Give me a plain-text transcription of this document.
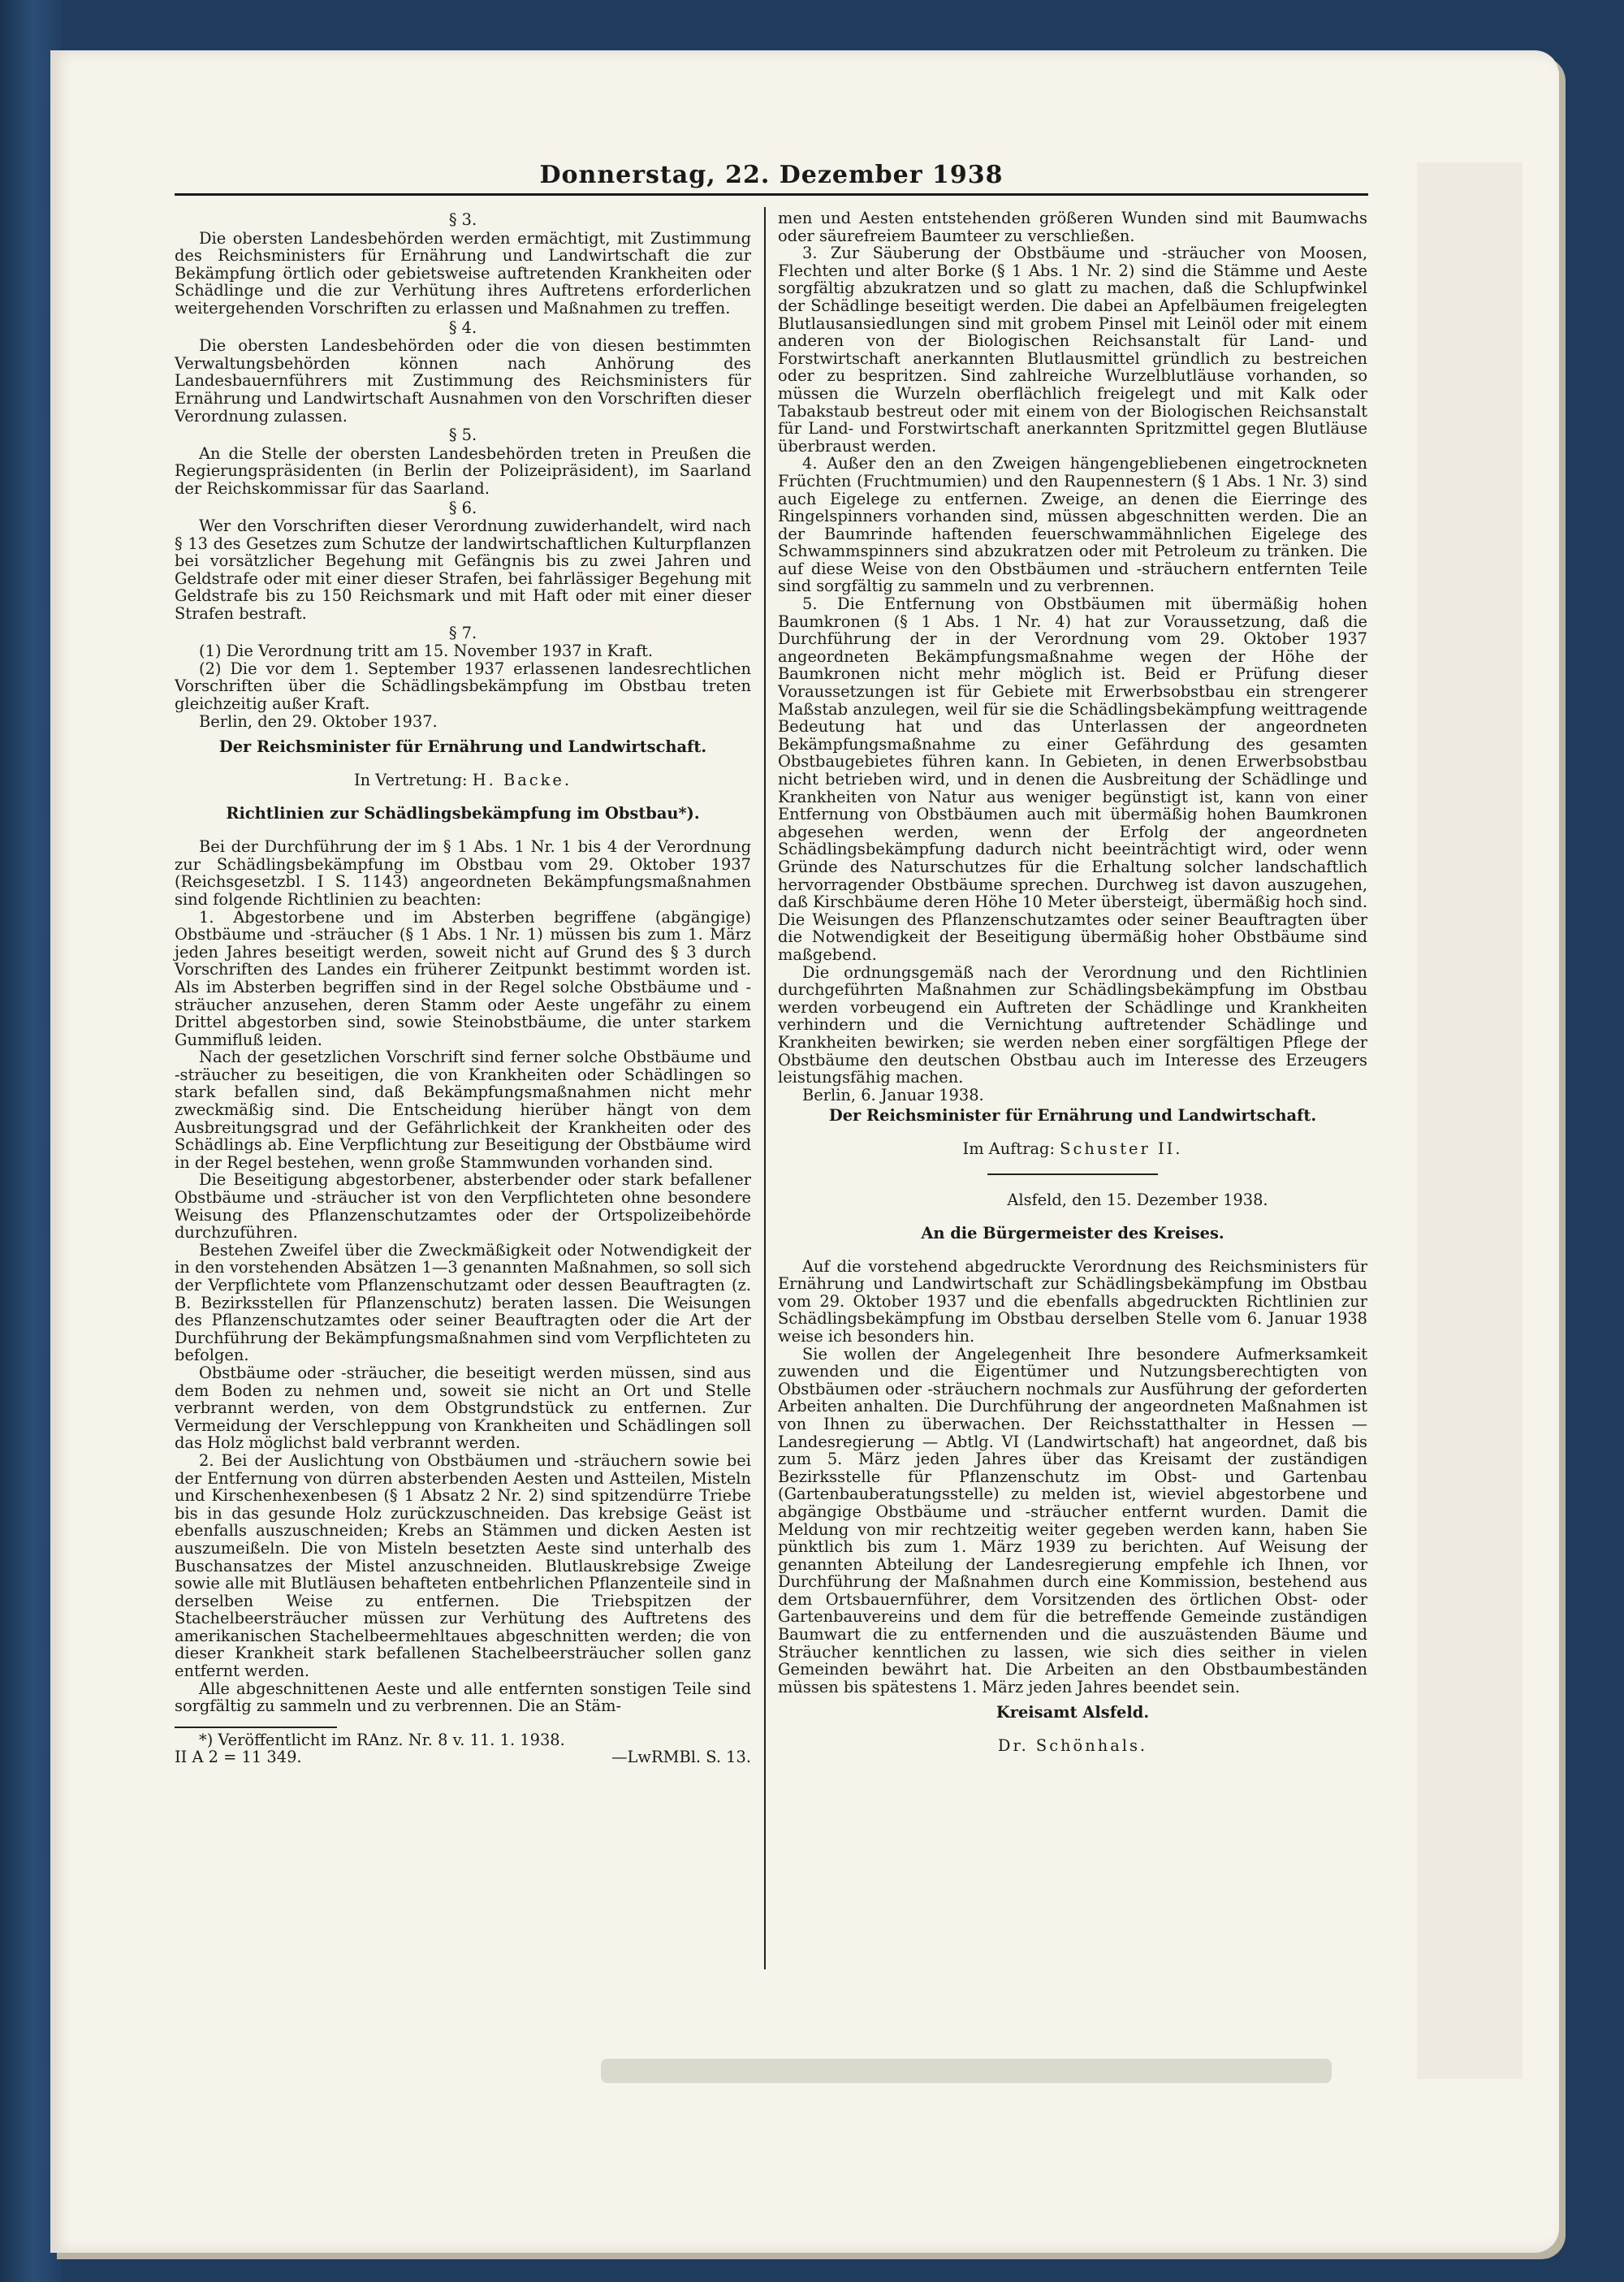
Donnerstag, 22. Dezember 1938

§ 3.

Die obersten Landesbehörden werden ermächtigt, mit Zustimmung des Reichsministers für Ernährung und Landwirtschaft die zur Bekämpfung örtlich oder gebietsweise auftretenden Krankheiten oder Schädlinge und die zur Verhütung ihres Auftretens erforderlichen weitergehenden Vorschriften zu erlassen und Maßnahmen zu treffen.

§ 4.

Die obersten Landesbehörden oder die von diesen bestimmten Verwaltungsbehörden können nach Anhörung des Landesbauernführers mit Zustimmung des Reichsministers für Ernährung und Landwirtschaft Ausnahmen von den Vorschriften dieser Verordnung zulassen.

§ 5.

An die Stelle der obersten Landesbehörden treten in Preußen die Regierungspräsidenten (in Berlin der Polizeipräsident), im Saarland der Reichskommissar für das Saarland.

§ 6.

Wer den Vorschriften dieser Verordnung zuwiderhandelt, wird nach § 13 des Gesetzes zum Schutze der landwirtschaftlichen Kulturpflanzen bei vorsätzlicher Begehung mit Gefängnis bis zu zwei Jahren und Geldstrafe oder mit einer dieser Strafen, bei fahrlässiger Begehung mit Geldstrafe bis zu 150 Reichsmark und mit Haft oder mit einer dieser Strafen bestraft.

§ 7.

(1) Die Verordnung tritt am 15. November 1937 in Kraft.

(2) Die vor dem 1. September 1937 erlassenen landesrechtlichen Vorschriften über die Schädlingsbekämpfung im Obstbau treten gleichzeitig außer Kraft.

Berlin, den 29. Oktober 1937.

Der Reichsminister für Ernährung und Landwirtschaft.

In Vertretung: H. Backe.

Richtlinien zur Schädlingsbekämpfung im Obstbau*).

Bei der Durchführung der im § 1 Abs. 1 Nr. 1 bis 4 der Verordnung zur Schädlingsbekämpfung im Obstbau vom 29. Oktober 1937 (Reichsgesetzbl. I S. 1143) angeordneten Bekämpfungsmaßnahmen sind folgende Richtlinien zu beachten:

1. Abgestorbene und im Absterben begriffene (abgängige) Obstbäume und -sträucher (§ 1 Abs. 1 Nr. 1) müssen bis zum 1. März jeden Jahres beseitigt werden, soweit nicht auf Grund des § 3 durch Vorschriften des Landes ein früherer Zeitpunkt bestimmt worden ist. Als im Absterben begriffen sind in der Regel solche Obstbäume und -sträucher anzusehen, deren Stamm oder Aeste ungefähr zu einem Drittel abgestorben sind, sowie Steinobstbäume, die unter starkem Gummifluß leiden.

Nach der gesetzlichen Vorschrift sind ferner solche Obstbäume und -sträucher zu beseitigen, die von Krankheiten oder Schädlingen so stark befallen sind, daß Bekämpfungsmaßnahmen nicht mehr zweckmäßig sind. Die Entscheidung hierüber hängt von dem Ausbreitungsgrad und der Gefährlichkeit der Krankheiten oder des Schädlings ab. Eine Verpflichtung zur Beseitigung der Obstbäume wird in der Regel bestehen, wenn große Stammwunden vorhanden sind.

Die Beseitigung abgestorbener, absterbender oder stark befallener Obstbäume und -sträucher ist von den Verpflichteten ohne besondere Weisung des Pflanzenschutzamtes oder der Ortspolizeibehörde durchzuführen.

Bestehen Zweifel über die Zweckmäßigkeit oder Notwendigkeit der in den vorstehenden Absätzen 1—3 genannten Maßnahmen, so soll sich der Verpflichtete vom Pflanzenschutzamt oder dessen Beauftragten (z. B. Bezirksstellen für Pflanzenschutz) beraten lassen. Die Weisungen des Pflanzenschutzamtes oder seiner Beauftragten oder die Art der Durchführung der Bekämpfungsmaßnahmen sind vom Verpflichteten zu befolgen.

Obstbäume oder -sträucher, die beseitigt werden müssen, sind aus dem Boden zu nehmen und, soweit sie nicht an Ort und Stelle verbrannt werden, von dem Obstgrundstück zu entfernen. Zur Vermeidung der Verschleppung von Krankheiten und Schädlingen soll das Holz möglichst bald verbrannt werden.

2. Bei der Auslichtung von Obstbäumen und -sträuchern sowie bei der Entfernung von dürren absterbenden Aesten und Astteilen, Misteln und Kirschenhexenbesen (§ 1 Absatz 2 Nr. 2) sind spitzendürre Triebe bis in das gesunde Holz zurückzuschneiden. Das krebsige Geäst ist ebenfalls auszuschneiden; Krebs an Stämmen und dicken Aesten ist auszumeißeln. Die von Misteln besetzten Aeste sind unterhalb des Buschansatzes der Mistel anzuschneiden. Blutlauskrebsige Zweige sowie alle mit Blutläusen behafteten entbehrlichen Pflanzenteile sind in derselben Weise zu entfernen. Die Triebspitzen der Stachelbeersträucher müssen zur Verhütung des Auftretens des amerikanischen Stachelbeermehltaues abgeschnitten werden; die von dieser Krankheit stark befallenen Stachelbeersträucher sollen ganz entfernt werden.

Alle abgeschnittenen Aeste und alle entfernten sonstigen Teile sind sorgfältig zu sammeln und zu verbrennen. Die an Stäm-

*) Veröffentlicht im RAnz. Nr. 8 v. 11. 1. 1938.

II A 2 = 11 349.	—LwRMBl. S. 13.

men und Aesten entstehenden größeren Wunden sind mit Baumwachs oder säurefreiem Baumteer zu verschließen.

3. Zur Säuberung der Obstbäume und -sträucher von Moosen, Flechten und alter Borke (§ 1 Abs. 1 Nr. 2) sind die Stämme und Aeste sorgfältig abzukratzen und so glatt zu machen, daß die Schlupfwinkel der Schädlinge beseitigt werden. Die dabei an Apfelbäumen freigelegten Blutlausansiedlungen sind mit grobem Pinsel mit Leinöl oder mit einem anderen von der Biologischen Reichsanstalt für Land- und Forstwirtschaft anerkannten Blutlausmittel gründlich zu bestreichen oder zu bespritzen. Sind zahlreiche Wurzelblutläuse vorhanden, so müssen die Wurzeln oberflächlich freigelegt und mit Kalk oder Tabakstaub bestreut oder mit einem von der Biologischen Reichsanstalt für Land- und Forstwirtschaft anerkannten Spritzmittel gegen Blutläuse überbraust werden.

4. Außer den an den Zweigen hängengebliebenen eingetrockneten Früchten (Fruchtmumien) und den Raupennestern (§ 1 Abs. 1 Nr. 3) sind auch Eigelege zu entfernen. Zweige, an denen die Eierringe des Ringelspinners vorhanden sind, müssen abgeschnitten werden. Die an der Baumrinde haftenden feuerschwammähnlichen Eigelege des Schwammspinners sind abzukratzen oder mit Petroleum zu tränken. Die auf diese Weise von den Obstbäumen und -sträuchern entfernten Teile sind sorgfältig zu sammeln und zu verbrennen.

5. Die Entfernung von Obstbäumen mit übermäßig hohen Baumkronen (§ 1 Abs. 1 Nr. 4) hat zur Voraussetzung, daß die Durchführung der in der Verordnung vom 29. Oktober 1937 angeordneten Bekämpfungsmaßnahme wegen der Höhe der Baumkronen nicht mehr möglich ist. Beid er Prüfung dieser Voraussetzungen ist für Gebiete mit Erwerbsobstbau ein strengerer Maßstab anzulegen, weil für sie die Schädlingsbekämpfung weittragende Bedeutung hat und das Unterlassen der angeordneten Bekämpfungsmaßnahme zu einer Gefährdung des gesamten Obstbaugebietes führen kann. In Gebieten, in denen Erwerbsobstbau nicht betrieben wird, und in denen die Ausbreitung der Schädlinge und Krankheiten von Natur aus weniger begünstigt ist, kann von einer Entfernung von Obstbäumen auch mit übermäßig hohen Baumkronen abgesehen werden, wenn der Erfolg der angeordneten Schädlingsbekämpfung dadurch nicht beeinträchtigt wird, oder wenn Gründe des Naturschutzes für die Erhaltung solcher landschaftlich hervorragender Obstbäume sprechen. Durchweg ist davon auszugehen, daß Kirschbäume deren Höhe 10 Meter übersteigt, übermäßig hoch sind. Die Weisungen des Pflanzenschutzamtes oder seiner Beauftragten über die Notwendigkeit der Beseitigung übermäßig hoher Obstbäume sind maßgebend.

Die ordnungsgemäß nach der Verordnung und den Richtlinien durchgeführten Maßnahmen zur Schädlingsbekämpfung im Obstbau werden vorbeugend ein Auftreten der Schädlinge und Krankheiten verhindern und die Vernichtung auftretender Schädlinge und Krankheiten bewirken; sie werden neben einer sorgfältigen Pflege der Obstbäume den deutschen Obstbau auch im Interesse des Erzeugers leistungsfähig machen.

Berlin, 6. Januar 1938.

Der Reichsminister für Ernährung und Landwirtschaft.

Im Auftrag: Schuster II.

Alsfeld, den 15. Dezember 1938.

An die Bürgermeister des Kreises.

Auf die vorstehend abgedruckte Verordnung des Reichsministers für Ernährung und Landwirtschaft zur Schädlingsbekämpfung im Obstbau vom 29. Oktober 1937 und die ebenfalls abgedruckten Richtlinien zur Schädlingsbekämpfung im Obstbau derselben Stelle vom 6. Januar 1938 weise ich besonders hin.

Sie wollen der Angelegenheit Ihre besondere Aufmerksamkeit zuwenden und die Eigentümer und Nutzungsberechtigten von Obstbäumen oder -sträuchern nochmals zur Ausführung der geforderten Arbeiten anhalten. Die Durchführung der angeordneten Maßnahmen ist von Ihnen zu überwachen. Der Reichsstatthalter in Hessen — Landesregierung — Abtlg. VI (Landwirtschaft) hat angeordnet, daß bis zum 5. März jeden Jahres über das Kreisamt der zuständigen Bezirksstelle für Pflanzenschutz im Obst- und Gartenbau (Gartenbauberatungsstelle) zu melden ist, wieviel abgestorbene und abgängige Obstbäume und -sträucher entfernt wurden. Damit die Meldung von mir rechtzeitig weiter gegeben werden kann, haben Sie pünktlich bis zum 1. März 1939 zu berichten. Auf Weisung der genannten Abteilung der Landesregierung empfehle ich Ihnen, vor Durchführung der Maßnahmen durch eine Kommission, bestehend aus dem Ortsbauernführer, dem Vorsitzenden des örtlichen Obst- oder Gartenbauvereins und dem für die betreffende Gemeinde zuständigen Baumwart die zu entfernenden und die auszuästenden Bäume und Sträucher kenntlichen zu lassen, wie sich dies seither in vielen Gemeinden bewährt hat. Die Arbeiten an den Obstbaumbeständen müssen bis spätestens 1. März jeden Jahres beendet sein.

Kreisamt Alsfeld.

Dr. Schönhals.
